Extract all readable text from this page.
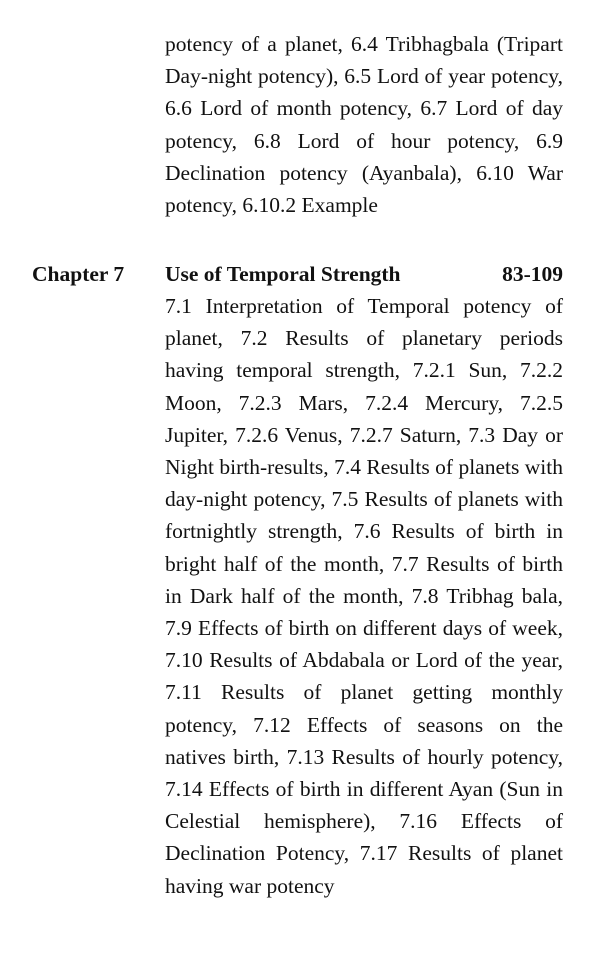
potency of a planet, 6.4 Tribhagbala (Tripart Day-night potency), 6.5 Lord of year potency, 6.6 Lord of month potency, 6.7 Lord of day potency, 6.8 Lord of hour potency, 6.9 Declination potency (Ayanbala), 6.10 War potency, 6.10.2 Example
Chapter 7 Use of Temporal Strength	83-109
7.1 Interpretation of Temporal potency of planet, 7.2 Results of planetary periods having temporal strength, 7.2.1 Sun, 7.2.2 Moon, 7.2.3 Mars, 7.2.4 Mercury, 7.2.5 Jupiter, 7.2.6 Venus, 7.2.7 Saturn, 7.3 Day or Night birth-results, 7.4 Results of planets with day-night potency, 7.5 Results of planets with fortnightly strength, 7.6 Results of birth in bright half of the month, 7.7 Results of birth in Dark half of the month, 7.8 Tribhag bala, 7.9 Effects of birth on different days of week, 7.10 Results of Abdabala or Lord of the year, 7.11 Results of planet getting monthly potency, 7.12 Effects of seasons on the natives birth, 7.13 Results of hourly potency, 7.14 Effects of birth in different Ayan (Sun in Celestial hemisphere), 7.16 Effects of Declination Potency, 7.17 Results of planet having war potency
